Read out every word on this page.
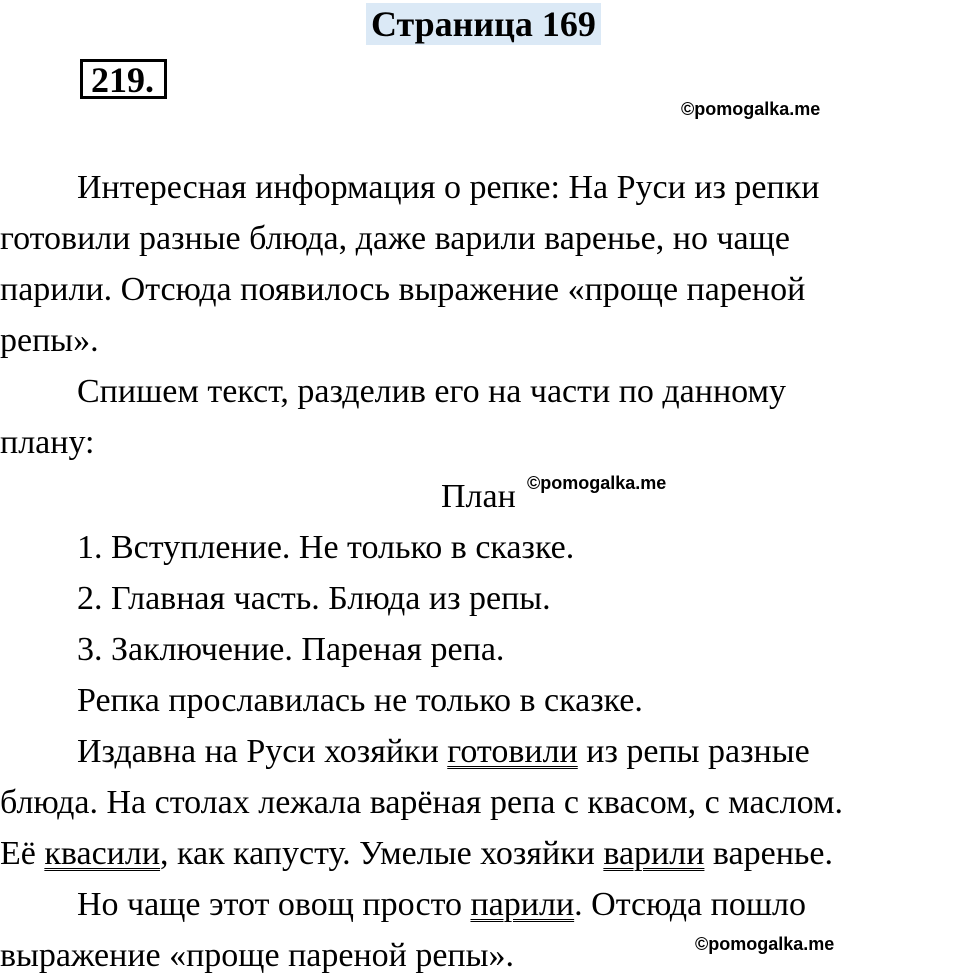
Страница 169
219.
©pomogalka.me
Интересная информация о репке: На Руси из репки
готовили разные блюда, даже варили варенье, но чаще
парили. Отсюда появилось выражение «проще пареной
репы».
Спишем текст, разделив его на части по данному
плану:
План ©pomogalka.me
1. Вступление. Не только в сказке.
2. Главная часть. Блюда из репы.
3. Заключение. Пареная репа.
Репка прославилась не только в сказке.
Издавна на Руси хозяйки готовили из репы разные
блюда. На столах лежала варёная репа с квасом, с маслом.
Её квасили, как капусту. Умелые хозяйки варили варенье.
Но чаще этот овощ просто парили. Отсюда пошло
выражение «проще пареной репы».	©pomogalka.me
